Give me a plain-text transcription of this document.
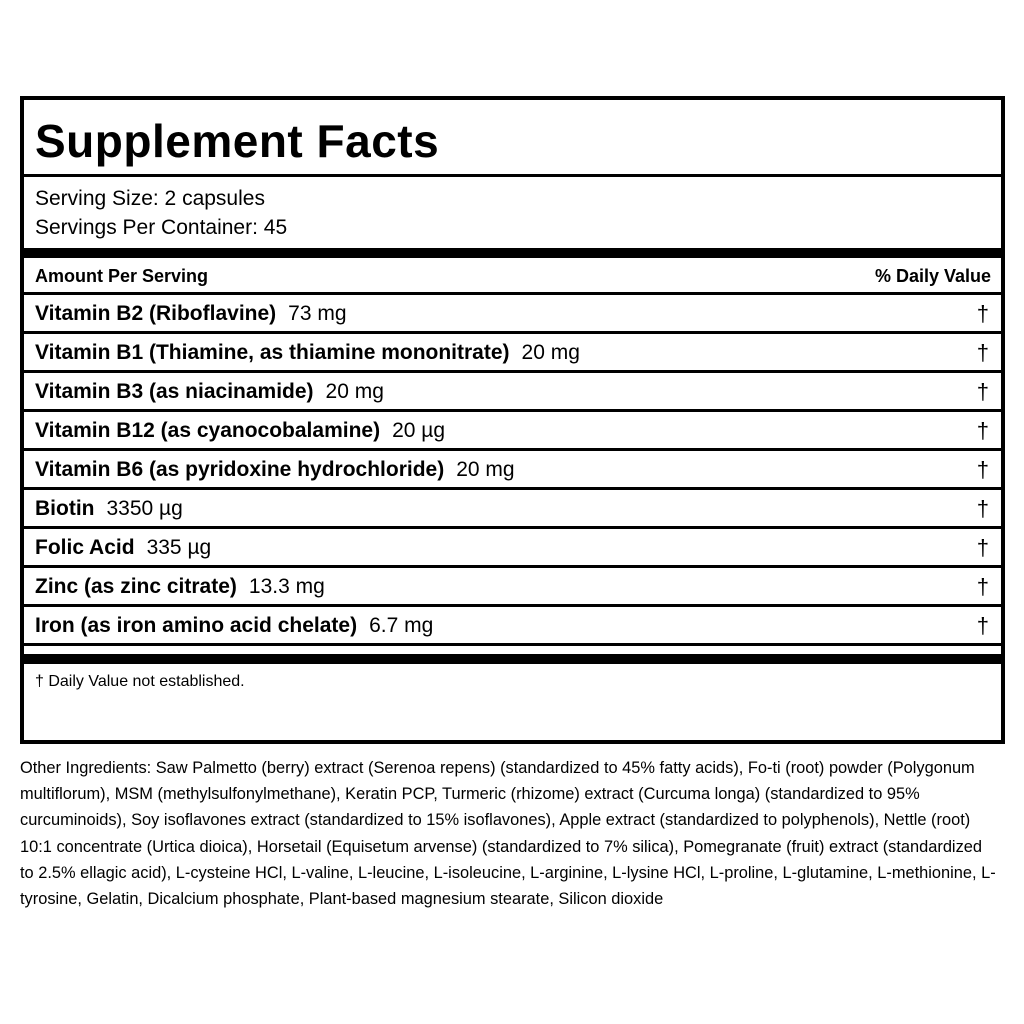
Supplement Facts
Serving Size: 2 capsules
Servings Per Container: 45
Amount Per Serving	% Daily Value
Vitamin B2 (Riboflavine) 73 mg	†
Vitamin B1 (Thiamine, as thiamine mononitrate) 20 mg	†
Vitamin B3 (as niacinamide) 20 mg	†
Vitamin B12 (as cyanocobalamine) 20 µg	†
Vitamin B6 (as pyridoxine hydrochloride) 20 mg	†
Biotin 3350 µg	†
Folic Acid 335 µg	†
Zinc (as zinc citrate) 13.3 mg	†
Iron (as iron amino acid chelate) 6.7 mg	†
† Daily Value not established.
Other Ingredients: Saw Palmetto (berry) extract (Serenoa repens) (standardized to 45% fatty acids), Fo-ti (root) powder (Polygonum multiflorum), MSM (methylsulfonylmethane), Keratin PCP, Turmeric (rhizome) extract (Curcuma longa) (standardized to 95% curcuminoids), Soy isoflavones extract (standardized to 15% isoflavones), Apple extract (standardized to polyphenols), Nettle (root) 10:1 concentrate (Urtica dioica), Horsetail (Equisetum arvense) (standardized to 7% silica), Pomegranate (fruit) extract (standardized to 2.5% ellagic acid), L-cysteine HCl, L-valine, L-leucine, L-isoleucine, L-arginine, L-lysine HCl, L-proline, L-glutamine, L-methionine, L-tyrosine, Gelatin, Dicalcium phosphate, Plant-based magnesium stearate, Silicon dioxide
